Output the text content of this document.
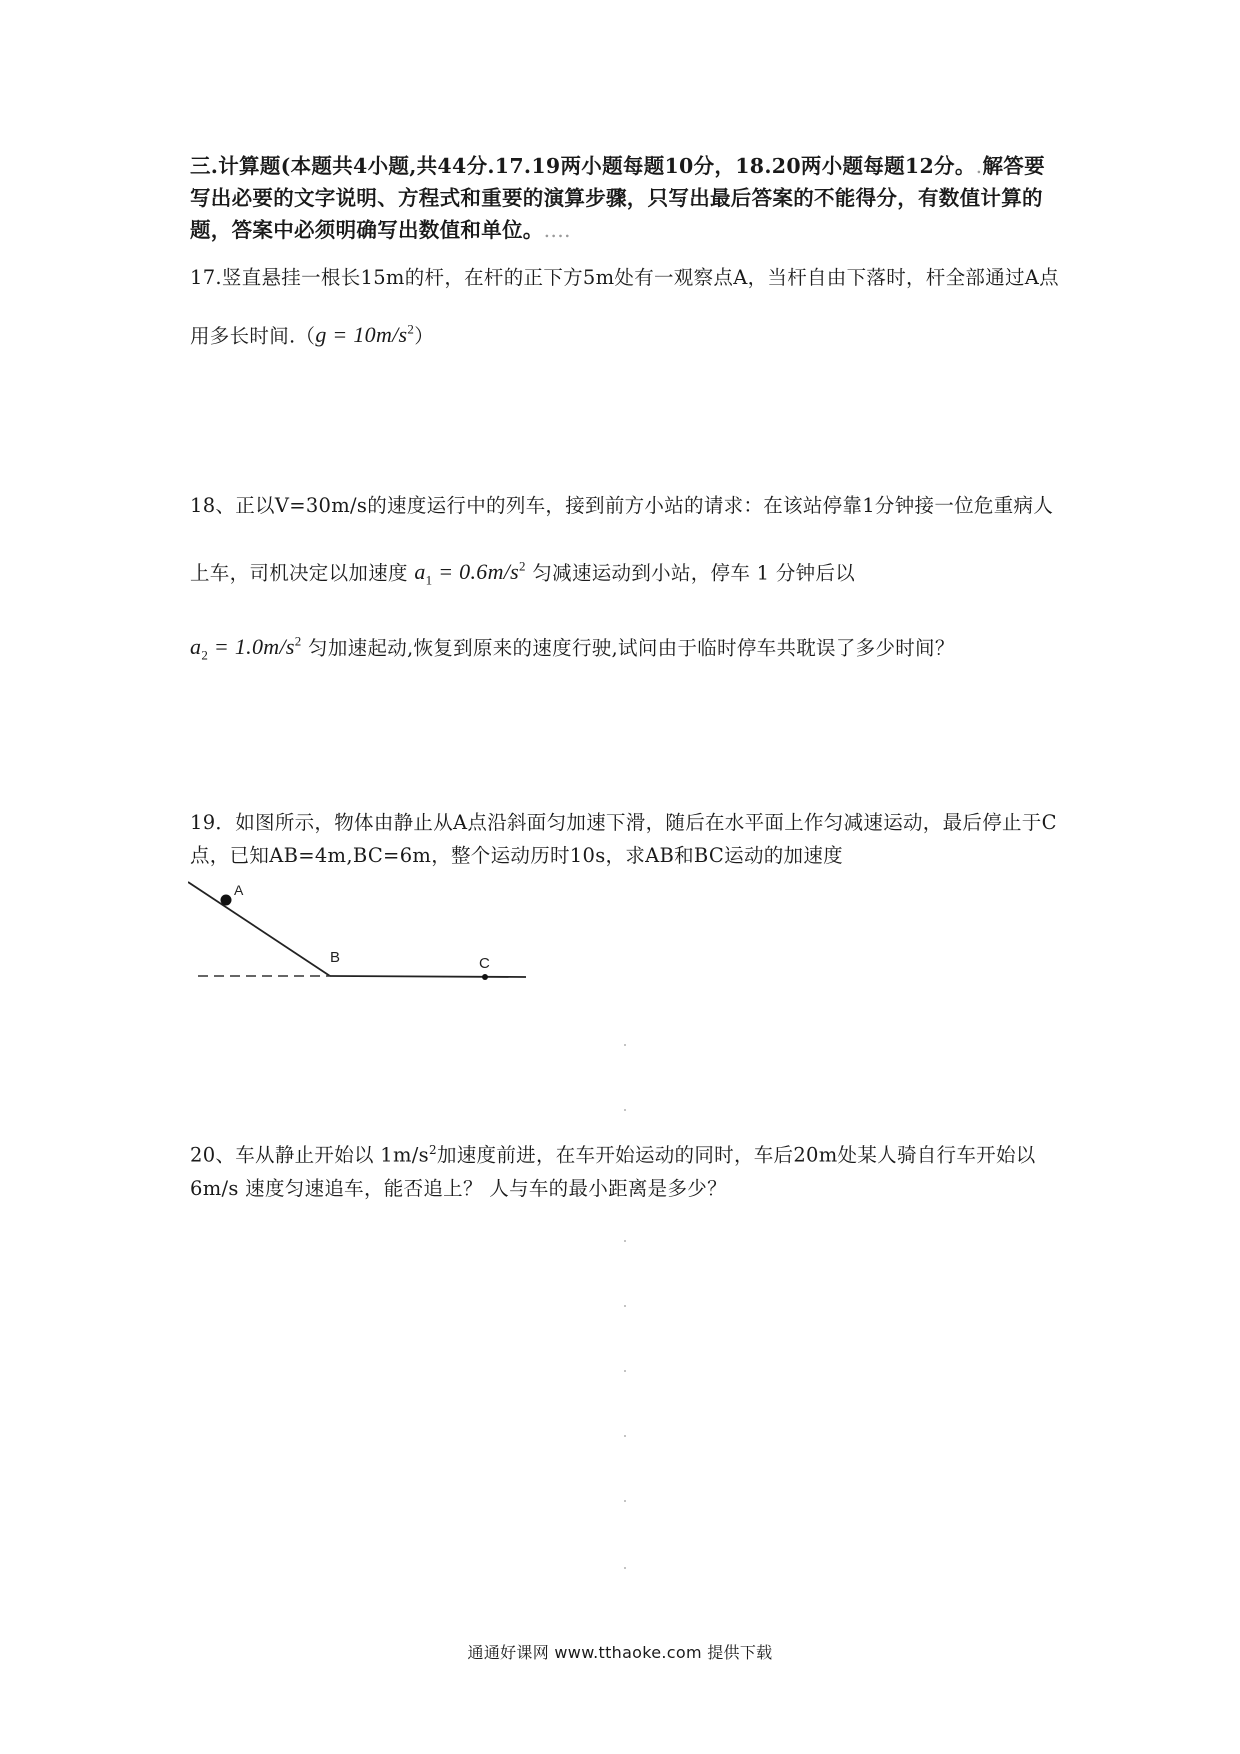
三.计算题(本题共4小题,共44分.17.19两小题每题10分，18.20两小题每题12分。.解答要写出必要的文字说明、方程式和重要的演算步骤，只写出最后答案的不能得分，有数值计算的题，答案中必须明确写出数值和单位。....
17.竖直悬挂一根长15m的杆，在杆的正下方5m处有一观察点A，当杆自由下落时，杆全部通过A点用多长时间$.(g = 10m/s^2)$
18、正以V=30m/s的速度运行中的列车，接到前方小站的请求：在该站停靠1分钟接一位危重病人上车，司机决定以加速度 $a_1 = 0.6m/s^2$ 匀减速运动到小站，停车 1 分钟后以
$a_2 = 1.0m/s^2$ 匀加速起动,恢复到原来的速度行驶,试问由于临时停车共耽误了多少时间？
19．如图所示，物体由静止从A点沿斜面匀加速下滑，随后在水平面上作匀减速运动，最后停止于C点，已知AB=4m,BC=6m，整个运动历时10s，求AB和BC运动的加速度
A
B	C
20、车从静止开始以 $1m/s^2$加速度前进，在车开始运动的同时，车后20m处某人骑自行车开始以 6m/s 速度匀速追车，能否追上？ 人与车的最小距离是多少？
通通好课网 www.tthaoke.com 提供下载
